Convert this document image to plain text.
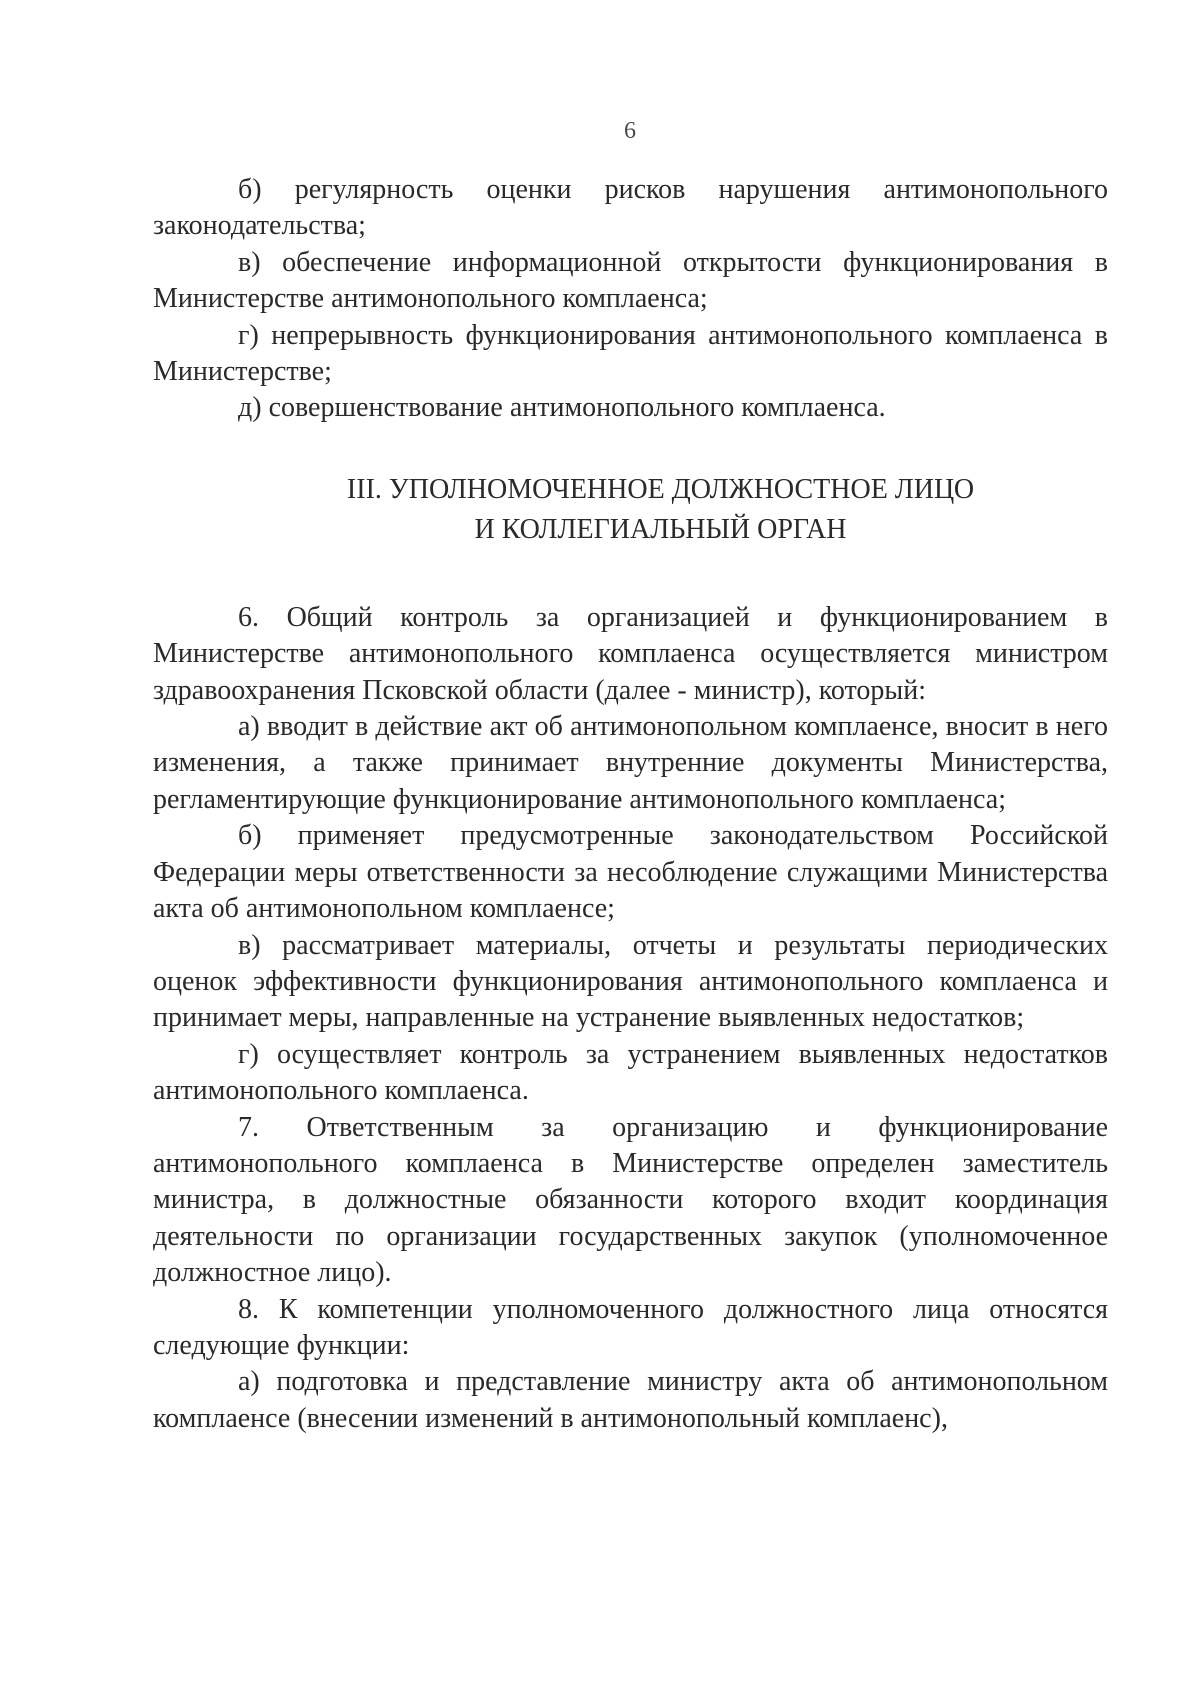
6

б) регулярность оценки рисков нарушения антимонопольного законодательства;

в) обеспечение информационной открытости функционирования в Министерстве антимонопольного комплаенса;

г) непрерывность функционирования антимонопольного комплаенса в Министерстве;

д) совершенствование антимонопольного комплаенса.

III. УПОЛНОМОЧЕННОЕ ДОЛЖНОСТНОЕ ЛИЦО
И КОЛЛЕГИАЛЬНЫЙ ОРГАН

6. Общий контроль за организацией и функционированием в Министерстве антимонопольного комплаенса осуществляется министром здравоохранения Псковской области (далее - министр), который:

а) вводит в действие акт об антимонопольном комплаенсе, вносит в него изменения, а также принимает внутренние документы Министерства, регламентирующие функционирование антимонопольного комплаенса;

б) применяет предусмотренные законодательством Российской Федерации меры ответственности за несоблюдение служащими Министерства акта об антимонопольном комплаенсе;

в) рассматривает материалы, отчеты и результаты периодических оценок эффективности функционирования антимонопольного комплаенса и принимает меры, направленные на устранение выявленных недостатков;

г) осуществляет контроль за устранением выявленных недостатков антимонопольного комплаенса.

7. Ответственным за организацию и функционирование антимонопольного комплаенса в Министерстве определен заместитель министра, в должностные обязанности которого входит координация деятельности по организации государственных закупок (уполномоченное должностное лицо).

8. К компетенции уполномоченного должностного лица относятся следующие функции:

а) подготовка и представление министру акта об антимонопольном комплаенсе (внесении изменений в антимонопольный комплаенс),
